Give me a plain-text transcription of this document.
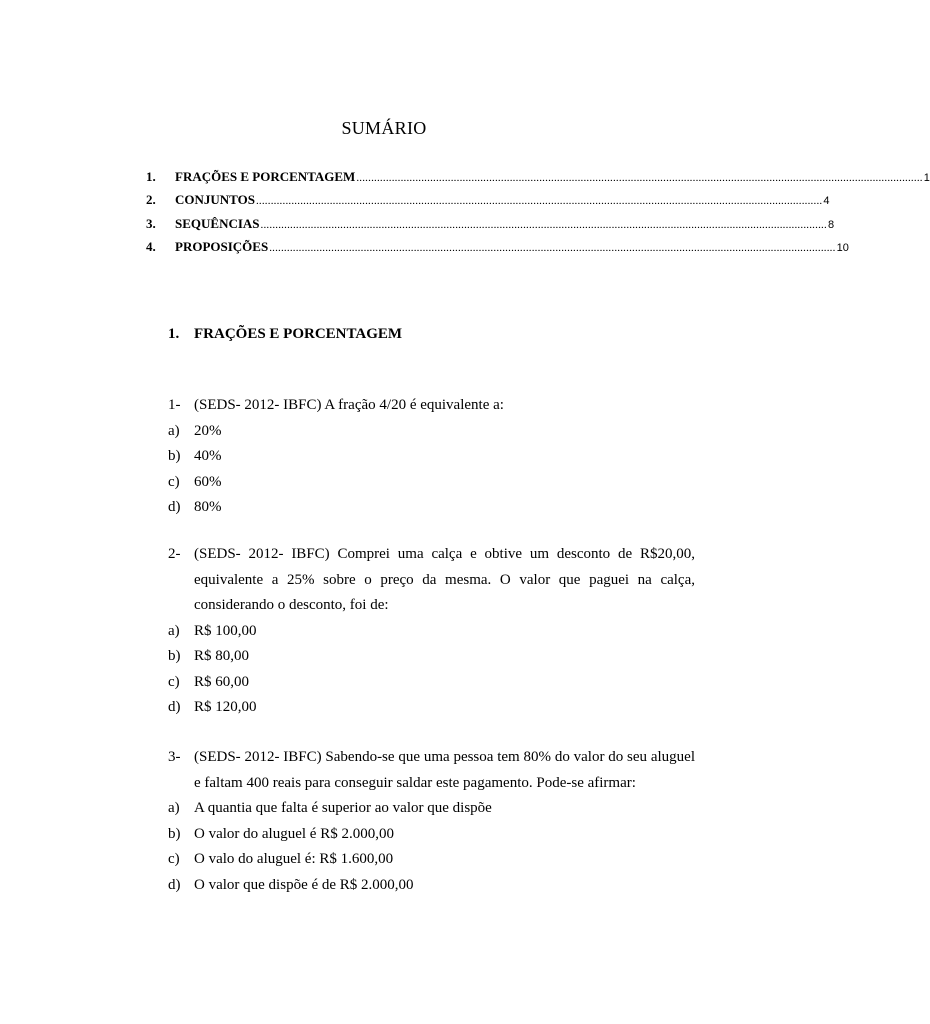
SUMÁRIO
1.	FRAÇÕES E PORCENTAGEM ................................................................................................................................................................................................ 1
2.	CONJUNTOS ................................................................................................................................................................................................ 4
3.	SEQUÊNCIAS ................................................................................................................................................................................................ 8
4.	PROPOSIÇÕES ................................................................................................................................................................................................ 10
1. FRAÇÕES E PORCENTAGEM
1- (SEDS- 2012- IBFC) A fração 4/20 é equivalente a:
a) 20%
b) 40%
c) 60%
d) 80%
2- (SEDS- 2012- IBFC) Comprei uma calça e obtive um desconto de R$20,00, equivalente a 25% sobre o preço da mesma. O valor que paguei na calça, considerando o desconto, foi de:
a) R$ 100,00
b) R$ 80,00
c) R$ 60,00
d) R$ 120,00
3- (SEDS- 2012- IBFC) Sabendo-se que uma pessoa tem 80% do valor do seu aluguel e faltam 400 reais para conseguir saldar este pagamento. Pode-se afirmar:
a) A quantia que falta é superior ao valor que dispõe
b) O valor do aluguel é R$ 2.000,00
c) O valo do aluguel é: R$ 1.600,00
d) O valor que dispõe é de R$ 2.000,00
